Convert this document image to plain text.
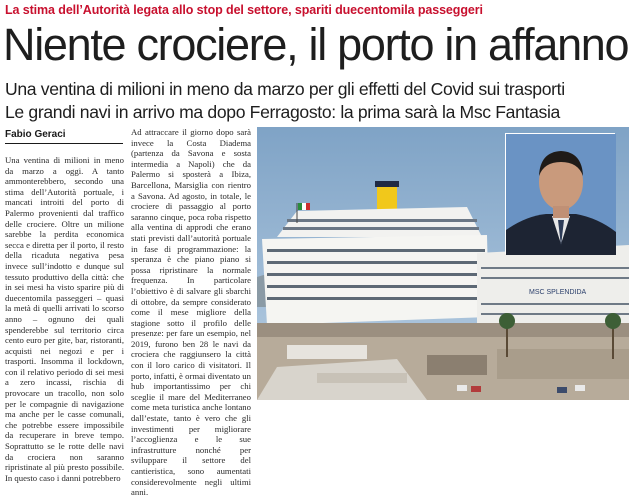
La stima dell’Autorità legata allo stop del settore, spariti duecentomila passeggeri
Niente crociere, il porto in affanno
Una ventina di milioni in meno da marzo per gli effetti del Covid sui trasporti
Le grandi navi in arrivo ma dopo Ferragosto: la prima sarà la Msc Fantasia
Fabio Geraci
Una ventina di milioni in meno da marzo a oggi. A tanto ammonterebbero, secondo una stima dell’Autorità portuale, i mancati introiti del porto di Palermo provenienti dal traffico delle crociere. Oltre un milione sarebbe la perdita economica secca e diretta per il porto, il resto della ricaduta negativa pesa invece sull’indotto e dunque sul tessuto produttivo della città: che in sei mesi ha visto sparire più di duecentomila passeggeri – quasi la metà di quelli arrivati lo scorso anno – ognuno dei quali spenderebbe sul territorio circa cento euro per gite, bar, ristoranti, acquisti nei negozi e per i trasporti. Insomma il lockdown, con il relativo periodo di sei mesi a zero incassi, rischia di provocare un tracollo, non solo per le compagnie di navigazione ma anche per le casse comunali, che potrebbe essere impossibile da recuperare in breve tempo. Soprattutto se le rotte delle navi da crociera non saranno ripristinate al più presto possibile. In questo caso i danni potrebbero
Ad attraccare il giorno dopo sarà invece la Costa Diadema (partenza da Savona e sosta intermedia a Napoli) che da Palermo si sposterà a Ibiza, Barcellona, Marsiglia con rientro a Savona. Ad agosto, in totale, le crociere di passaggio al porto saranno cinque, poca roba rispetto alla ventina di approdi che erano stati previsti dall’autorità portuale in fase di programmazione: la speranza è che piano piano si possa ripristinare la normale frequenza. In particolare l’obiettivo è di salvare gli sbarchi di ottobre, da sempre considerato come il mese migliore della stagione sotto il profilo delle presenze: per fare un esempio, nel 2019, furono ben 28 le navi da crociera che raggiunsero la città con il loro carico di visitatori. Il porto, infatti, è ormai diventato un hub importantissimo per chi sceglie il mare del Mediterraneo come meta turistica anche lontano dall’estate, tanto è vero che gli investimenti per migliorare l’accoglienza e le sue infrastrutture nonché per sviluppare il settore del cantieristica, sono aumentati considerevolmente negli ultimi anni.
MSC SPLENDIDA
